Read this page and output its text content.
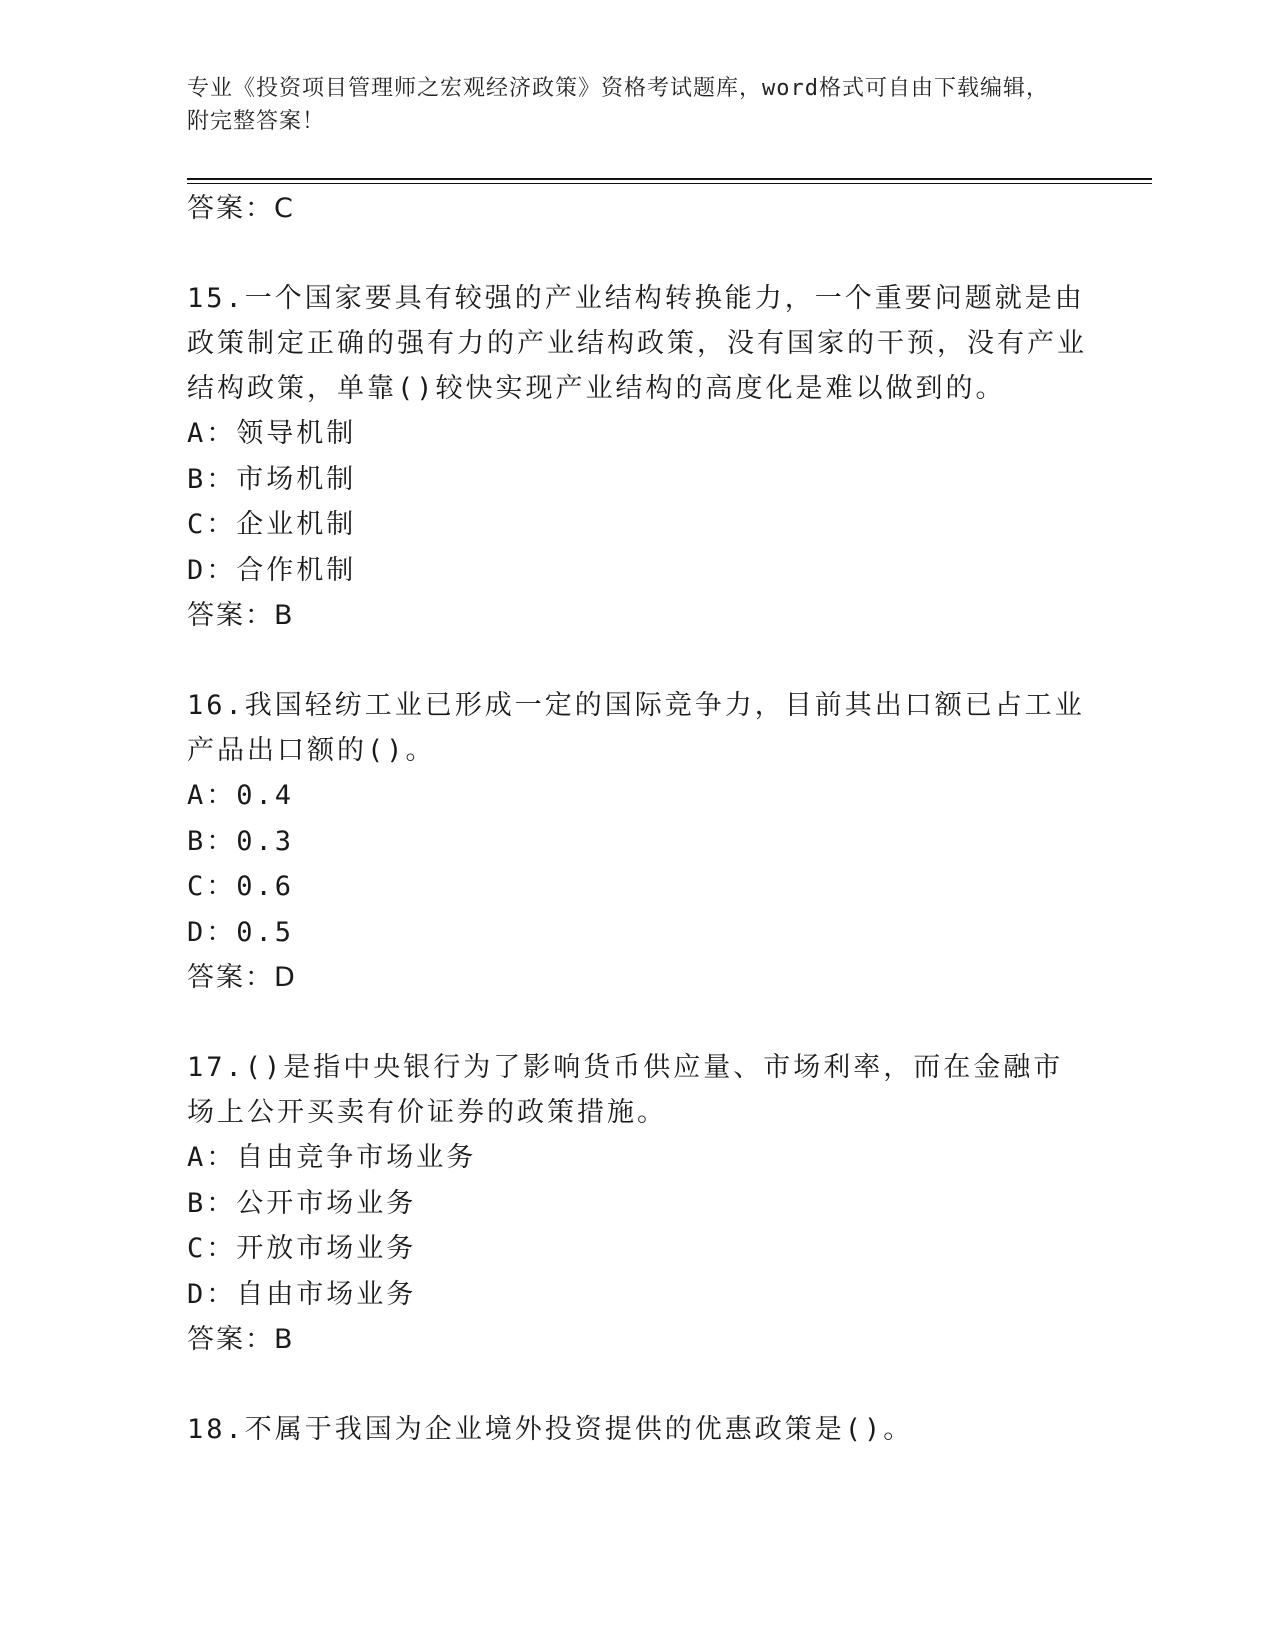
专业《投资项目管理师之宏观经济政策》资格考试题库，word格式可自由下载编辑，附完整答案！

答案：C

15.一个国家要具有较强的产业结构转换能力，一个重要问题就是由政策制定正确的强有力的产业结构政策，没有国家的干预，没有产业结构政策，单靠()较快实现产业结构的高度化是难以做到的。

A：领导机制

B：市场机制

C：企业机制

D：合作机制

答案：B

16.我国轻纺工业已形成一定的国际竞争力，目前其出口额已占工业产品出口额的()。

A：0.4

B：0.3

C：0.6

D：0.5

答案：D

17.()是指中央银行为了影响货币供应量、市场利率，而在金融市场上公开买卖有价证券的政策措施。

A：自由竞争市场业务

B：公开市场业务

C：开放市场业务

D：自由市场业务

答案：B

18.不属于我国为企业境外投资提供的优惠政策是()。
